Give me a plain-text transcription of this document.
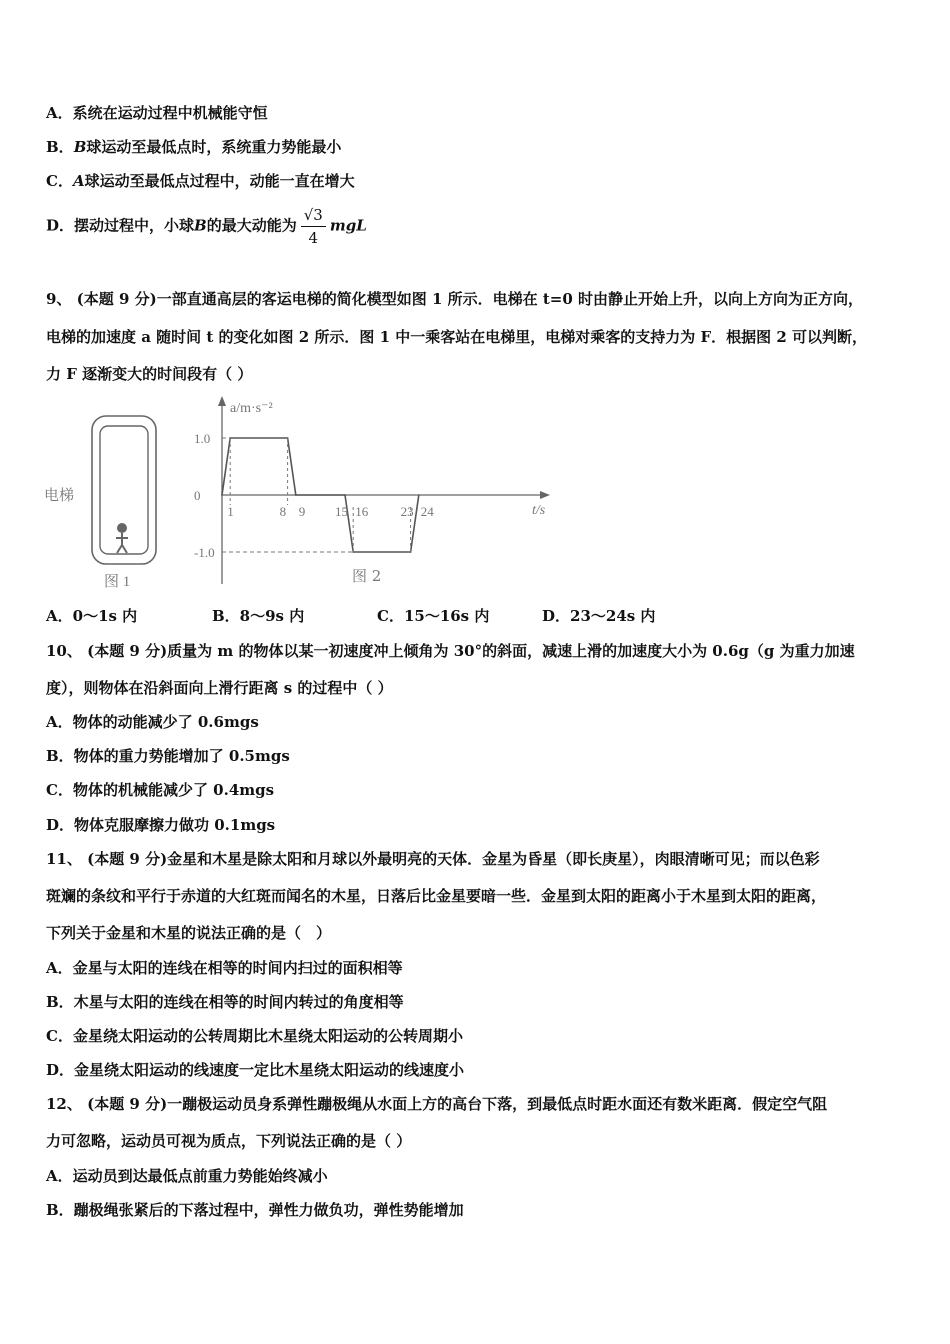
A．系统在运动过程中机械能守恒
B．B球运动至最低点时，系统重力势能最小
C．A球运动至最低点过程中，动能一直在增大
D．摆动过程中，小球B的最大动能为 $\frac{√3}{4}$ mgL
9、 (本题 9 分)一部直通高层的客运电梯的简化模型如图 1 所示．电梯在 t=0 时由静止开始上升，以向上方向为正方向，
电梯的加速度 a 随时间 t 的变化如图 2 所示．图 1 中一乘客站在电梯里，电梯对乘客的支持力为 F．根据图 2 可以判断，
力 F 逐渐变大的时间段有（ ）
电梯
图 1
a/m·s⁻²
t/s
1.0
0
-1.0
1	8 9 15 16 23 24
图 2
A．0～1s 内	B．8～9s 内	C．15～16s 内	D．23～24s 内
10、 (本题 9 分)质量为 m 的物体以某一初速度冲上倾角为 30°的斜面，减速上滑的加速度大小为 0.6g（g 为重力加速
度），则物体在沿斜面向上滑行距离 s 的过程中（ ）
A．物体的动能减少了 0.6mgs
B．物体的重力势能增加了 0.5mgs
C．物体的机械能减少了 0.4mgs
D．物体克服摩擦力做功 0.1mgs
11、 (本题 9 分)金星和木星是除太阳和月球以外最明亮的天体．金星为昏星（即长庚星），肉眼清晰可见；而以色彩
斑斓的条纹和平行于赤道的大红斑而闻名的木星，日落后比金星要暗一些．金星到太阳的距离小于木星到太阳的距离，
下列关于金星和木星的说法正确的是（　）
A．金星与太阳的连线在相等的时间内扫过的面积相等
B．木星与太阳的连线在相等的时间内转过的角度相等
C．金星绕太阳运动的公转周期比木星绕太阳运动的公转周期小
D．金星绕太阳运动的线速度一定比木星绕太阳运动的线速度小
12、 (本题 9 分)一蹦极运动员身系弹性蹦极绳从水面上方的高台下落，到最低点时距水面还有数米距离．假定空气阻
力可忽略，运动员可视为质点，下列说法正确的是（ ）
A．运动员到达最低点前重力势能始终减小
B．蹦极绳张紧后的下落过程中，弹性力做负功，弹性势能增加
